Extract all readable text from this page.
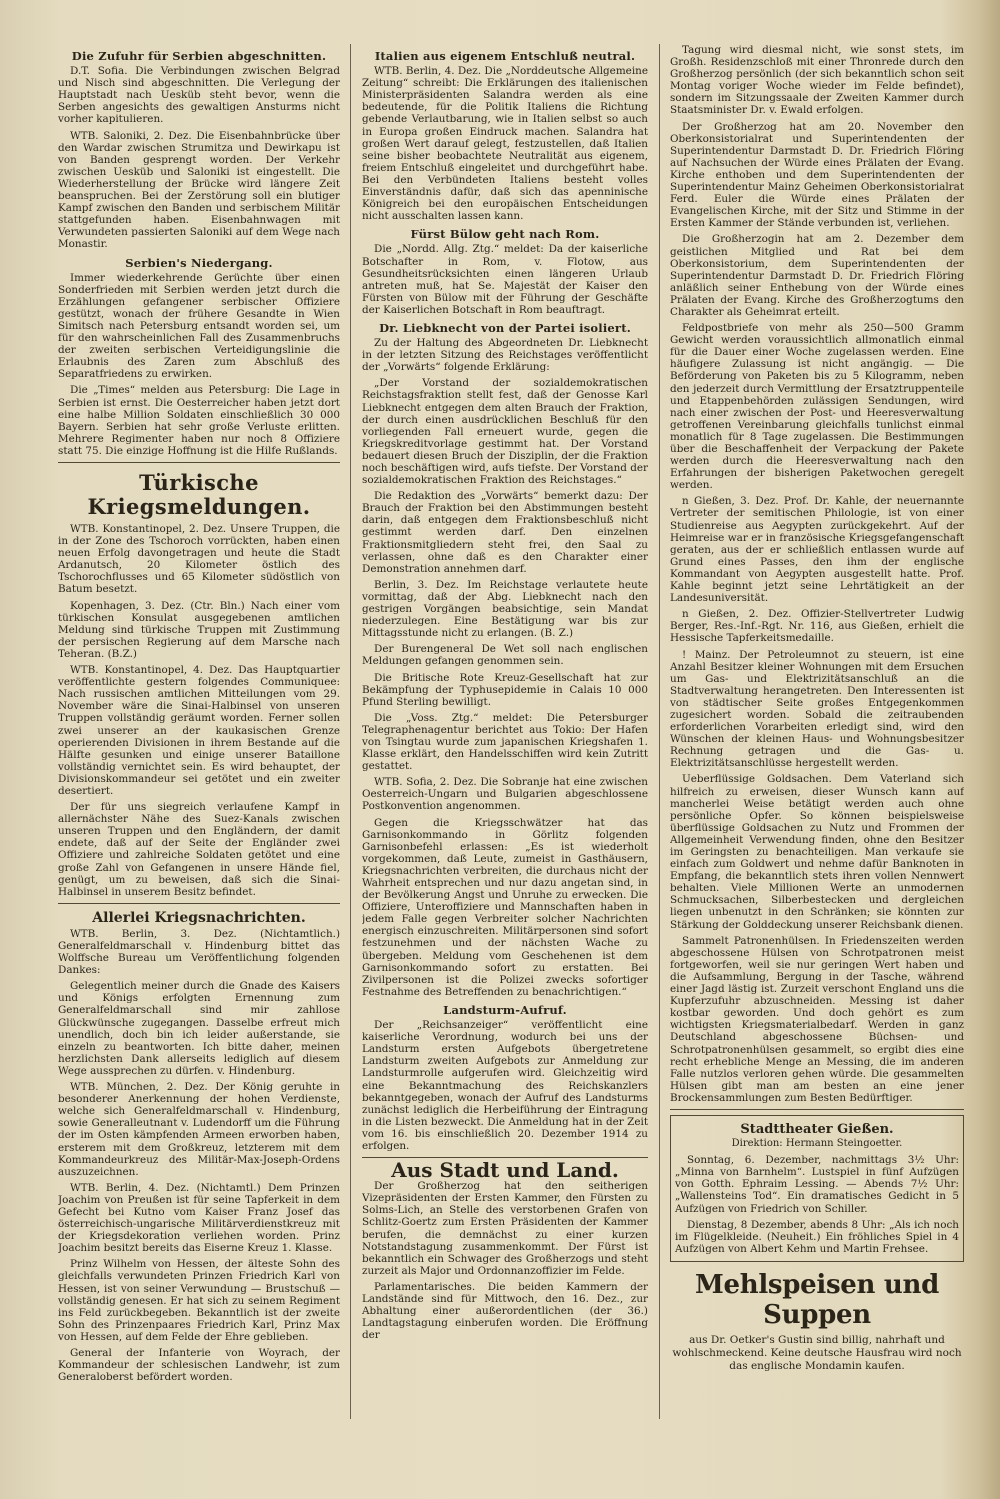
Die Zufuhr für Serbien abgeschnitten.

D.T. Sofia. Die Verbindungen zwischen Belgrad und Nisch sind abgeschnitten. Die Verlegung der Hauptstadt nach Uesküb steht bevor, wenn die Serben angesichts des gewaltigen Ansturms nicht vorher kapitulieren.

WTB. Saloniki, 2. Dez. Die Eisenbahnbrücke über den Wardar zwischen Strumitza und Dewirkapu ist von Banden gesprengt worden. Der Verkehr zwischen Uesküb und Saloniki ist eingestellt. Die Wiederherstellung der Brücke wird längere Zeit beanspruchen. Bei der Zerstörung soll ein blutiger Kampf zwischen den Banden und serbischem Militär stattgefunden haben. Eisenbahnwagen mit Verwundeten passierten Saloniki auf dem Wege nach Monastir.

Serbien's Niedergang.

Immer wiederkehrende Gerüchte über einen Sonderfrieden mit Serbien werden jetzt durch die Erzählungen gefangener serbischer Offiziere gestützt, wonach der frühere Gesandte in Wien Simitsch nach Petersburg entsandt worden sei, um für den wahrscheinlichen Fall des Zusammenbruchs der zweiten serbischen Verteidigungslinie die Erlaubnis des Zaren zum Abschluß des Separatfriedens zu erwirken.

Die „Times“ melden aus Petersburg: Die Lage in Serbien ist ernst. Die Oesterreicher haben jetzt dort eine halbe Million Soldaten einschließlich 30 000 Bayern. Serbien hat sehr große Verluste erlitten. Mehrere Regimenter haben nur noch 8 Offiziere statt 75. Die einzige Hoffnung ist die Hilfe Rußlands.

Türkische Kriegsmeldungen.

WTB. Konstantinopel, 2. Dez. Unsere Truppen, die in der Zone des Tschoroch vorrückten, haben einen neuen Erfolg davongetragen und heute die Stadt Ardanutsch, 20 Kilometer östlich des Tschorochflusses und 65 Kilometer südöstlich von Batum besetzt.

Kopenhagen, 3. Dez. (Ctr. Bln.) Nach einer vom türkischen Konsulat ausgegebenen amtlichen Meldung sind türkische Truppen mit Zustimmung der persischen Regierung auf dem Marsche nach Teheran. (B.Z.)

WTB. Konstantinopel, 4. Dez. Das Hauptquartier veröffentlichte gestern folgendes Communiquee: Nach russischen amtlichen Mitteilungen vom 29. November wäre die Sinai-Halbinsel von unseren Truppen vollständig geräumt worden. Ferner sollen zwei unserer an der kaukasischen Grenze operierenden Divisionen in ihrem Bestande auf die Hälfte gesunken und einige unserer Bataillone vollständig vernichtet sein. Es wird behauptet, der Divisionskommandeur sei getötet und ein zweiter desertiert.

Der für uns siegreich verlaufene Kampf in allernächster Nähe des Suez-Kanals zwischen unseren Truppen und den Engländern, der damit endete, daß auf der Seite der Engländer zwei Offiziere und zahlreiche Soldaten getötet und eine große Zahl von Gefangenen in unsere Hände fiel, genügt, um zu beweisen, daß sich die Sinai-Halbinsel in unserem Besitz befindet.

Allerlei Kriegsnachrichten.

WTB. Berlin, 3. Dez. (Nichtamtlich.) Generalfeldmarschall v. Hindenburg bittet das Wolffsche Bureau um Veröffentlichung folgenden Dankes:

Gelegentlich meiner durch die Gnade des Kaisers und Königs erfolgten Ernennung zum Generalfeldmarschall sind mir zahllose Glückwünsche zugegangen. Dasselbe erfreut mich unendlich, doch bin ich leider außerstande, sie einzeln zu beantworten. Ich bitte daher, meinen herzlichsten Dank allerseits lediglich auf diesem Wege aussprechen zu dürfen. v. Hindenburg.

WTB. München, 2. Dez. Der König geruhte in besonderer Anerkennung der hohen Verdienste, welche sich Generalfeldmarschall v. Hindenburg, sowie Generalleutnant v. Ludendorff um die Führung der im Osten kämpfenden Armeen erworben haben, ersterem mit dem Großkreuz, letzterem mit dem Kommandeurkreuz des Militär-Max-Joseph-Ordens auszuzeichnen.

WTB. Berlin, 4. Dez. (Nichtamtl.) Dem Prinzen Joachim von Preußen ist für seine Tapferkeit in dem Gefecht bei Kutno vom Kaiser Franz Josef das österreichisch-ungarische Militärverdienstkreuz mit der Kriegsdekoration verliehen worden. Prinz Joachim besitzt bereits das Eiserne Kreuz 1. Klasse.

Prinz Wilhelm von Hessen, der älteste Sohn des gleichfalls verwundeten Prinzen Friedrich Karl von Hessen, ist von seiner Verwundung — Brustschuß — vollständig genesen. Er hat sich zu seinem Regiment ins Feld zurückbegeben. Bekanntlich ist der zweite Sohn des Prinzenpaares Friedrich Karl, Prinz Max von Hessen, auf dem Felde der Ehre geblieben.

General der Infanterie von Woyrach, der Kommandeur der schlesischen Landwehr, ist zum Generaloberst befördert worden.

Italien aus eigenem Entschluß neutral.

WTB. Berlin, 4. Dez. Die „Norddeutsche Allgemeine Zeitung“ schreibt: Die Erklärungen des italienischen Ministerpräsidenten Salandra werden als eine bedeutende, für die Politik Italiens die Richtung gebende Verlautbarung, wie in Italien selbst so auch in Europa großen Eindruck machen. Salandra hat großen Wert darauf gelegt, festzustellen, daß Italien seine bisher beobachtete Neutralität aus eigenem, freiem Entschluß eingeleitet und durchgeführt habe. Bei den Verbündeten Italiens besteht volles Einverständnis dafür, daß sich das apenninische Königreich bei den europäischen Entscheidungen nicht ausschalten lassen kann.

Fürst Bülow geht nach Rom.

Die „Nordd. Allg. Ztg.“ meldet: Da der kaiserliche Botschafter in Rom, v. Flotow, aus Gesundheitsrücksichten einen längeren Urlaub antreten muß, hat Se. Majestät der Kaiser den Fürsten von Bülow mit der Führung der Geschäfte der Kaiserlichen Botschaft in Rom beauftragt.

Dr. Liebknecht von der Partei isoliert.

Zu der Haltung des Abgeordneten Dr. Liebknecht in der letzten Sitzung des Reichstages veröffentlicht der „Vorwärts“ folgende Erklärung:

„Der Vorstand der sozialdemokratischen Reichstagsfraktion stellt fest, daß der Genosse Karl Liebknecht entgegen dem alten Brauch der Fraktion, der durch einen ausdrücklichen Beschluß für den vorliegenden Fall erneuert wurde, gegen die Kriegskreditvorlage gestimmt hat. Der Vorstand bedauert diesen Bruch der Disziplin, der die Fraktion noch beschäftigen wird, aufs tiefste. Der Vorstand der sozialdemokratischen Fraktion des Reichstages.“

Die Redaktion des „Vorwärts“ bemerkt dazu: Der Brauch der Fraktion bei den Abstimmungen besteht darin, daß entgegen dem Fraktionsbeschluß nicht gestimmt werden darf. Den einzelnen Fraktionsmitgliedern steht frei, den Saal zu verlassen, ohne daß es den Charakter einer Demonstration annehmen darf.

Berlin, 3. Dez. Im Reichstage verlautete heute vormittag, daß der Abg. Liebknecht nach den gestrigen Vorgängen beabsichtige, sein Mandat niederzulegen. Eine Bestätigung war bis zur Mittagsstunde nicht zu erlangen. (B. Z.)

Der Burengeneral De Wet soll nach englischen Meldungen gefangen genommen sein.

Die Britische Rote Kreuz-Gesellschaft hat zur Bekämpfung der Typhusepidemie in Calais 10 000 Pfund Sterling bewilligt.

Die „Voss. Ztg.“ meldet: Die Petersburger Telegraphenagentur berichtet aus Tokio: Der Hafen von Tsingtau wurde zum japanischen Kriegshafen 1. Klasse erklärt, den Handelsschiffen wird kein Zutritt gestattet.

WTB. Sofia, 2. Dez. Die Sobranje hat eine zwischen Oesterreich-Ungarn und Bulgarien abgeschlossene Postkonvention angenommen.

Gegen die Kriegsschwätzer hat das Garnisonkommando in Görlitz folgenden Garnisonbefehl erlassen: „Es ist wiederholt vorgekommen, daß Leute, zumeist in Gasthäusern, Kriegsnachrichten verbreiten, die durchaus nicht der Wahrheit entsprechen und nur dazu angetan sind, in der Bevölkerung Angst und Unruhe zu erwecken. Die Offiziere, Unteroffiziere und Mannschaften haben in jedem Falle gegen Verbreiter solcher Nachrichten energisch einzuschreiten. Militärpersonen sind sofort festzunehmen und der nächsten Wache zu übergeben. Meldung vom Geschehenen ist dem Garnisonkommando sofort zu erstatten. Bei Zivilpersonen ist die Polizei zwecks sofortiger Festnahme des Betreffenden zu benachrichtigen.“

Landsturm-Aufruf.

Der „Reichsanzeiger“ veröffentlicht eine kaiserliche Verordnung, wodurch bei uns der Landsturm ersten Aufgebots übergetretene Landsturm zweiten Aufgebots zur Anmeldung zur Landsturmrolle aufgerufen wird. Gleichzeitig wird eine Bekanntmachung des Reichskanzlers bekanntgegeben, wonach der Aufruf des Landsturms zunächst lediglich die Herbeiführung der Eintragung in die Listen bezweckt. Die Anmeldung hat in der Zeit vom 16. bis einschließlich 20. Dezember 1914 zu erfolgen.

Aus Stadt und Land.

Der Großherzog hat den seitherigen Vizepräsidenten der Ersten Kammer, den Fürsten zu Solms-Lich, an Stelle des verstorbenen Grafen von Schlitz-Goertz zum Ersten Präsidenten der Kammer berufen, die demnächst zu einer kurzen Notstandstagung zusammenkommt. Der Fürst ist bekanntlich ein Schwager des Großherzogs und steht zurzeit als Major und Ordonnanzoffizier im Felde.

Parlamentarisches. Die beiden Kammern der Landstände sind für Mittwoch, den 16. Dez., zur Abhaltung einer außerordentlichen (der 36.) Landtagstagung einberufen worden. Die Eröffnung der

Tagung wird diesmal nicht, wie sonst stets, im Großh. Residenzschloß mit einer Thronrede durch den Großherzog persönlich (der sich bekanntlich schon seit Montag voriger Woche wieder im Felde befindet), sondern im Sitzungssaale der Zweiten Kammer durch Staatsminister Dr. v. Ewald erfolgen.

Der Großherzog hat am 20. November den Oberkonsistorialrat und Superintendenten der Superintendentur Darmstadt D. Dr. Friedrich Flöring auf Nachsuchen der Würde eines Prälaten der Evang. Kirche enthoben und dem Superintendenten der Superintendentur Mainz Geheimen Oberkonsistorialrat Ferd. Euler die Würde eines Prälaten der Evangelischen Kirche, mit der Sitz und Stimme in der Ersten Kammer der Stände verbunden ist, verliehen.

Die Großherzogin hat am 2. Dezember dem geistlichen Mitglied und Rat bei dem Oberkonsistorium, dem Superintendenten der Superintendentur Darmstadt D. Dr. Friedrich Flöring anläßlich seiner Enthebung von der Würde eines Prälaten der Evang. Kirche des Großherzogtums den Charakter als Geheimrat erteilt.

Feldpostbriefe von mehr als 250—500 Gramm Gewicht werden voraussichtlich allmonatlich einmal für die Dauer einer Woche zugelassen werden. Eine häufigere Zulassung ist nicht angängig. — Die Beförderung von Paketen bis zu 5 Kilogramm, neben den jederzeit durch Vermittlung der Ersatztruppenteile und Etappenbehörden zulässigen Sendungen, wird nach einer zwischen der Post- und Heeresverwaltung getroffenen Vereinbarung gleichfalls tunlichst einmal monatlich für 8 Tage zugelassen. Die Bestimmungen über die Beschaffenheit der Verpackung der Pakete werden durch die Heeresverwaltung nach den Erfahrungen der bisherigen Paketwochen geregelt werden.

n Gießen, 3. Dez. Prof. Dr. Kahle, der neuernannte Vertreter der semitischen Philologie, ist von einer Studienreise aus Aegypten zurückgekehrt. Auf der Heimreise war er in französische Kriegsgefangenschaft geraten, aus der er schließlich entlassen wurde auf Grund eines Passes, den ihm der englische Kommandant von Aegypten ausgestellt hatte. Prof. Kahle beginnt jetzt seine Lehrtätigkeit an der Landesuniversität.

n Gießen, 2. Dez. Offizier-Stellvertreter Ludwig Berger, Res.-Inf.-Rgt. Nr. 116, aus Gießen, erhielt die Hessische Tapferkeitsmedaille.

! Mainz. Der Petroleumnot zu steuern, ist eine Anzahl Besitzer kleiner Wohnungen mit dem Ersuchen um Gas- und Elektrizitätsanschluß an die Stadtverwaltung herangetreten. Den Interessenten ist von städtischer Seite großes Entgegenkommen zugesichert worden. Sobald die zeitraubenden erforderlichen Vorarbeiten erledigt sind, wird den Wünschen der kleinen Haus- und Wohnungsbesitzer Rechnung getragen und die Gas- u. Elektrizitätsanschlüsse hergestellt werden.

Ueberflüssige Goldsachen. Dem Vaterland sich hilfreich zu erweisen, dieser Wunsch kann auf mancherlei Weise betätigt werden auch ohne persönliche Opfer. So können beispielsweise überflüssige Goldsachen zu Nutz und Frommen der Allgemeinheit Verwendung finden, ohne den Besitzer im Geringsten zu benachteiligen. Man verkaufe sie einfach zum Goldwert und nehme dafür Banknoten in Empfang, die bekanntlich stets ihren vollen Nennwert behalten. Viele Millionen Werte an unmodernen Schmucksachen, Silberbestecken und dergleichen liegen unbenutzt in den Schränken; sie könnten zur Stärkung der Golddeckung unserer Reichsbank dienen.

Sammelt Patronenhülsen. In Friedenszeiten werden abgeschossene Hülsen von Schrotpatronen meist fortgeworfen, weil sie nur geringen Wert haben und die Aufsammlung, Bergung in der Tasche, während einer Jagd lästig ist. Zurzeit verschont England uns die Kupferzufuhr abzuschneiden. Messing ist daher kostbar geworden. Und doch gehört es zum wichtigsten Kriegsmaterialbedarf. Werden in ganz Deutschland abgeschossene Büchsen- und Schrotpatronenhülsen gesammelt, so ergibt dies eine recht erhebliche Menge an Messing, die im anderen Falle nutzlos verloren gehen würde. Die gesammelten Hülsen gibt man am besten an eine jener Brockensammlungen zum Besten Bedürftiger.

Stadttheater Gießen.
Direktion: Hermann Steingoetter.

Sonntag, 6. Dezember, nachmittags 3½ Uhr: „Minna von Barnhelm“. Lustspiel in fünf Aufzügen von Gotth. Ephraim Lessing. — Abends 7½ Uhr: „Wallensteins Tod“. Ein dramatisches Gedicht in 5 Aufzügen von Friedrich von Schiller.

Dienstag, 8 Dezember, abends 8 Uhr: „Als ich noch im Flügelkleide. (Neuheit.) Ein fröhliches Spiel in 4 Aufzügen von Albert Kehm und Martin Frehsee.

Mehlspeisen und Suppen
aus Dr. Oetker's Gustin sind billig, nahrhaft und wohlschmeckend. Keine deutsche Hausfrau wird noch das englische Mondamin kaufen.
